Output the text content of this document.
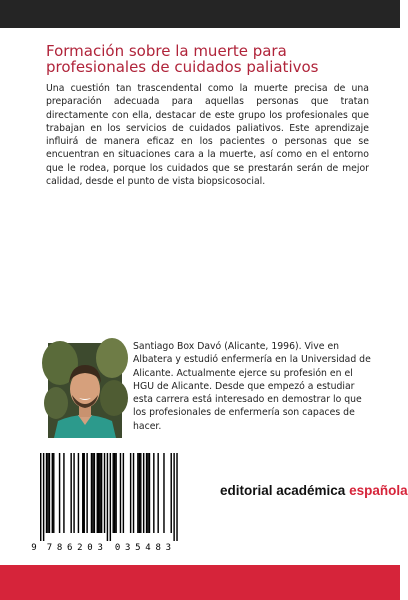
Formación sobre la muerte para profesionales de cuidados paliativos

Una cuestión tan trascendental como la muerte precisa de una preparación adecuada para aquellas personas que tratan directamente con ella, destacar de este grupo los profesionales que trabajan en los servicios de cuidados paliativos. Este aprendizaje influirá de manera eficaz en los pacientes o personas que se encuentran en situaciones cara a la muerte, así como en el entorno que le rodea, porque los cuidados que se prestarán serán de mejor calidad, desde el punto de vista biopsicosocial.

Santiago Box Davó (Alicante, 1996). Vive en Albatera y estudió enfermería en la Universidad de Alicante. Actualmente ejerce su profesión en el HGU de Alicante. Desde que empezó a estudiar esta carrera está interesado en demostrar lo que los profesionales de enfermería son capaces de hacer.

9 7 8 6 2 0 3 0 3 5 4 8 3
editorial académica española
